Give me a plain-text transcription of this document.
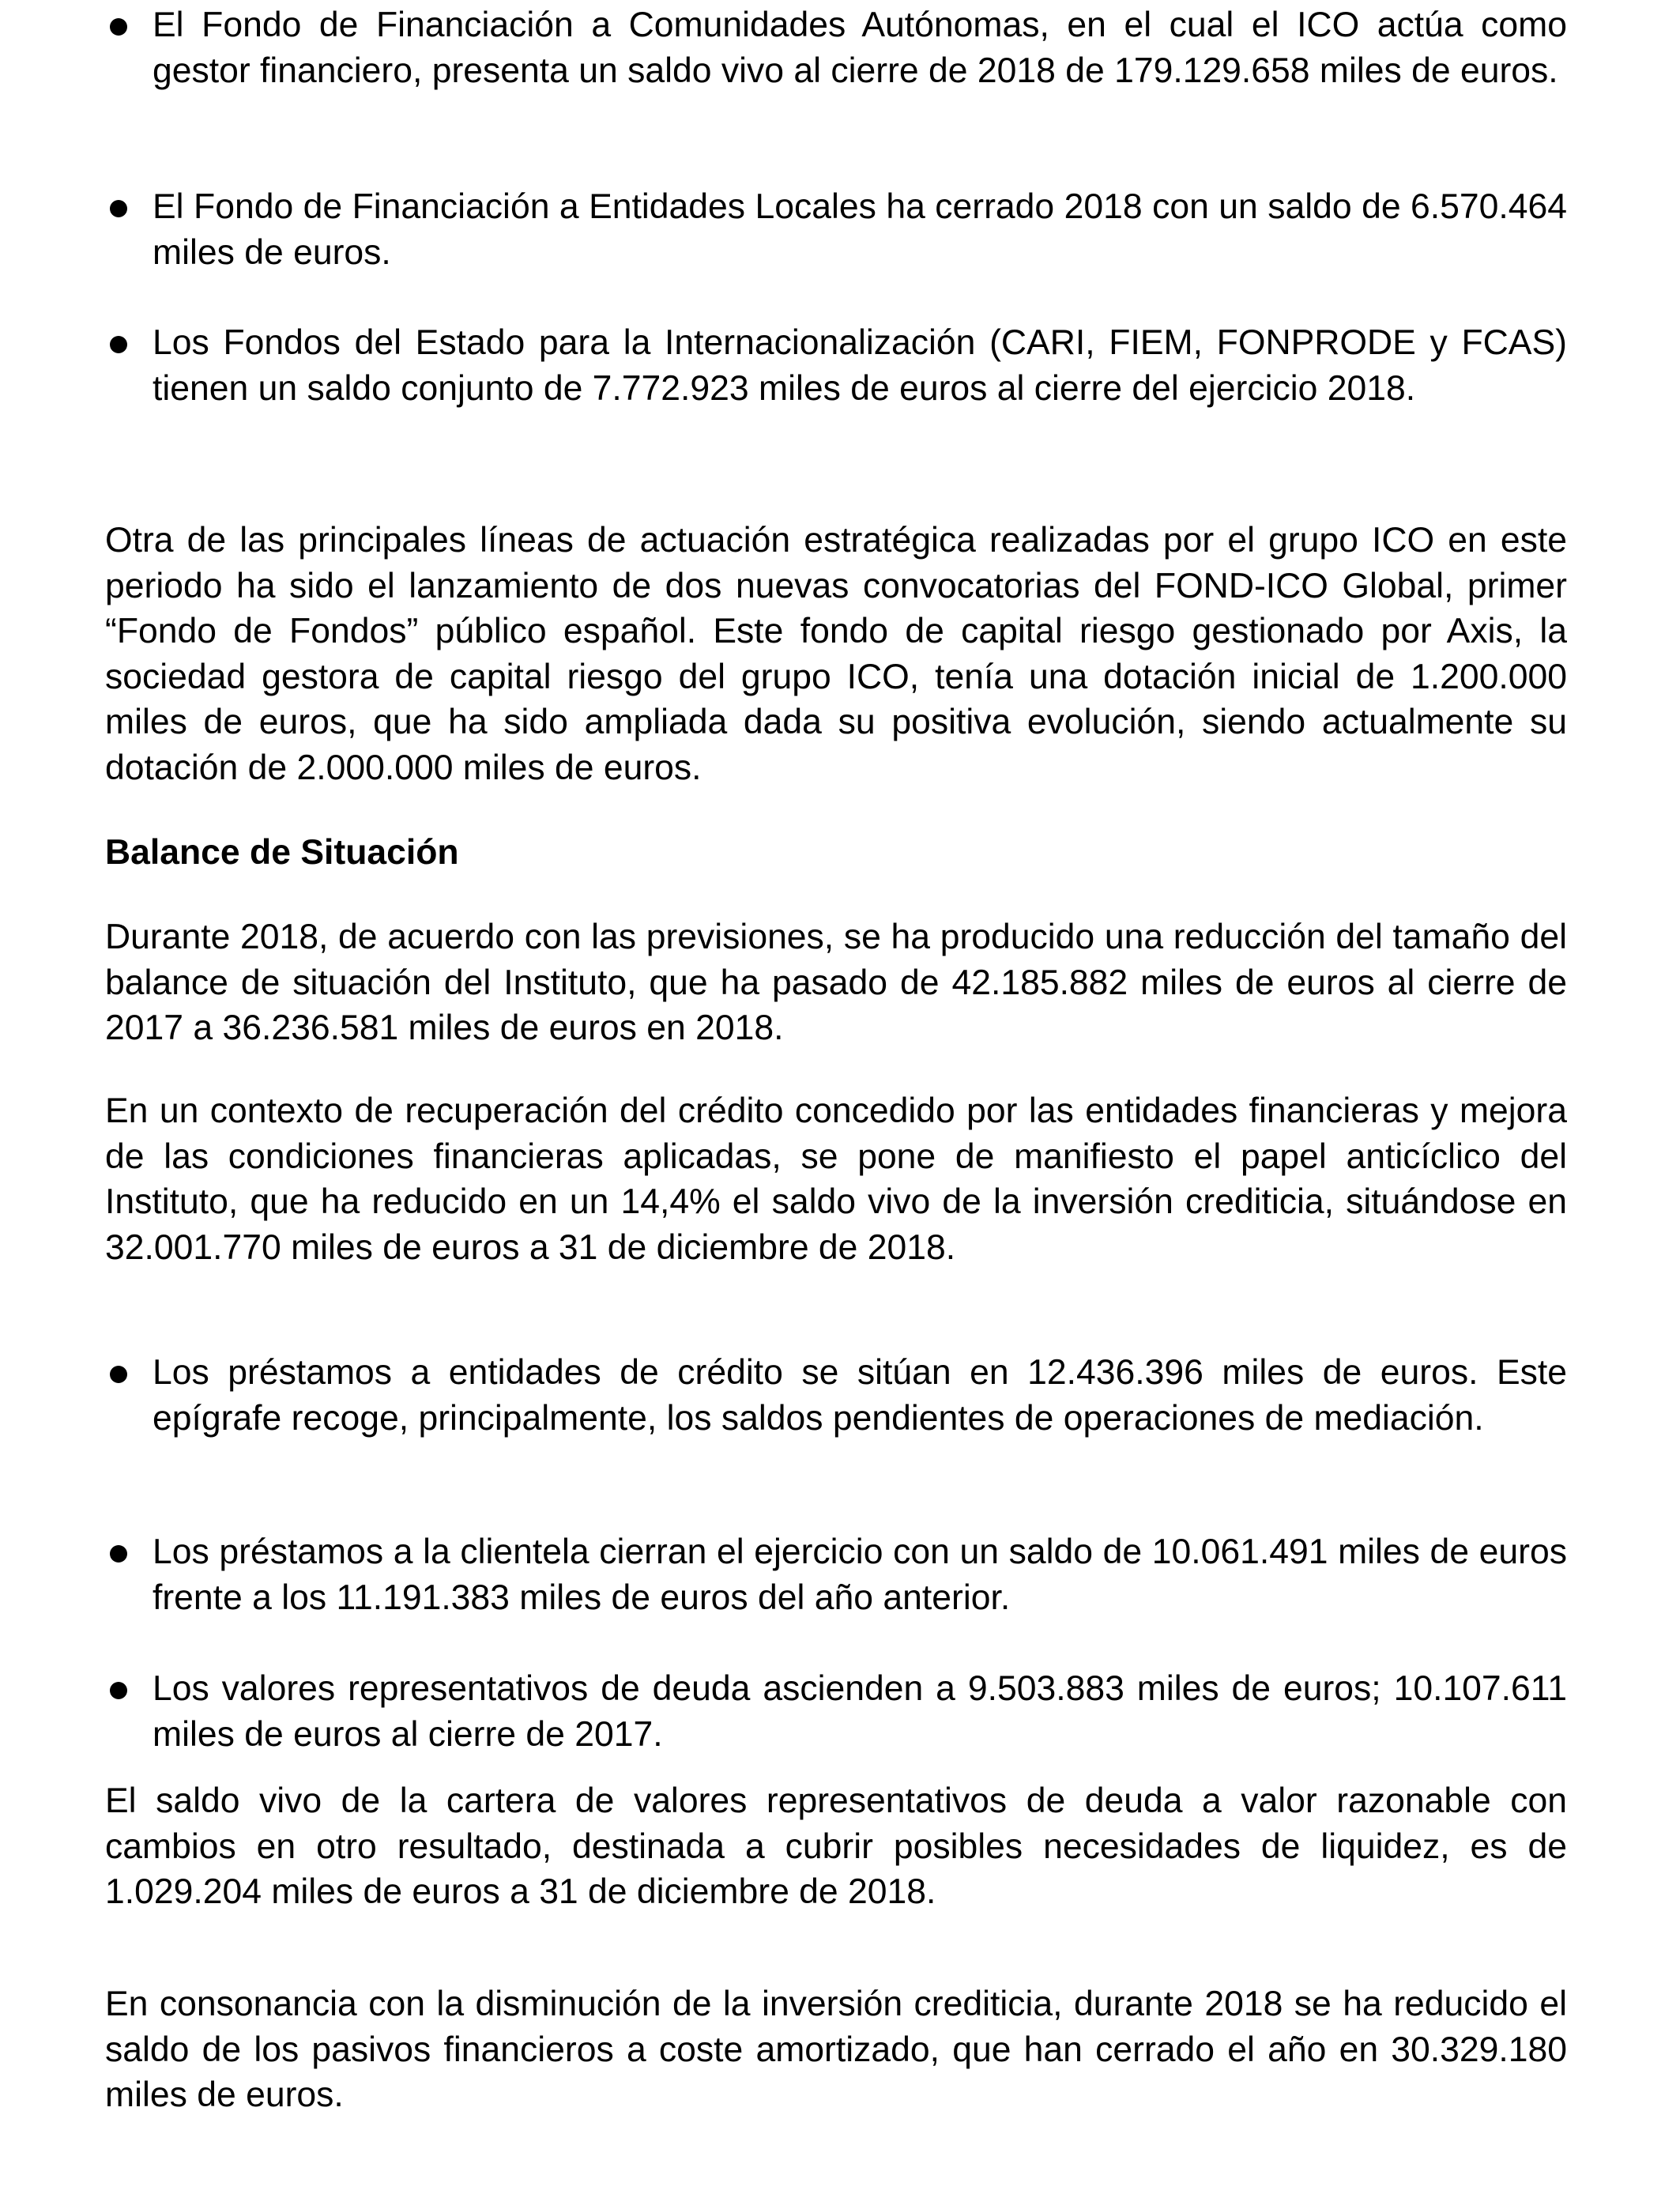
El Fondo de Financiación a Comunidades Autónomas, en el cual el ICO actúa como gestor financiero, presenta un saldo vivo al cierre de 2018 de 179.129.658 miles de euros.

El Fondo de Financiación a Entidades Locales ha cerrado 2018 con un saldo de 6.570.464 miles de euros.

Los Fondos del Estado para la Internacionalización (CARI, FIEM, FONPRODE y FCAS) tienen un saldo conjunto de 7.772.923 miles de euros al cierre del ejercicio 2018.

Otra de las principales líneas de actuación estratégica realizadas por el grupo ICO en este periodo ha sido el lanzamiento de dos nuevas convocatorias del FOND-ICO Global, primer “Fondo de Fondos” público español. Este fondo de capital riesgo gestionado por Axis, la sociedad gestora de capital riesgo del grupo ICO, tenía una dotación inicial de 1.200.000 miles de euros, que ha sido ampliada dada su positiva evolución, siendo actualmente su dotación de 2.000.000 miles de euros.

Balance de Situación

Durante 2018, de acuerdo con las previsiones, se ha producido una reducción del tamaño del balance de situación del Instituto, que ha pasado de 42.185.882 miles de euros al cierre de 2017 a 36.236.581 miles de euros en 2018.

En un contexto de recuperación del crédito concedido por las entidades financieras y mejora de las condiciones financieras aplicadas, se pone de manifiesto el papel anticíclico del Instituto, que ha reducido en un 14,4% el saldo vivo de la inversión crediticia, situándose en 32.001.770 miles de euros a 31 de diciembre de 2018.

Los préstamos a entidades de crédito se sitúan en 12.436.396 miles de euros. Este epígrafe recoge, principalmente, los saldos pendientes de operaciones de mediación.

Los préstamos a la clientela cierran el ejercicio con un saldo de 10.061.491 miles de euros frente a los 11.191.383 miles de euros del año anterior.

Los valores representativos de deuda ascienden a 9.503.883 miles de euros; 10.107.611 miles de euros al cierre de 2017.

El saldo vivo de la cartera de valores representativos de deuda a valor razonable con cambios en otro resultado, destinada a cubrir posibles necesidades de liquidez, es de 1.029.204 miles de euros a 31 de diciembre de 2018.

En consonancia con la disminución de la inversión crediticia, durante 2018 se ha reducido el saldo de los pasivos financieros a coste amortizado, que han cerrado el año en 30.329.180 miles de euros.
